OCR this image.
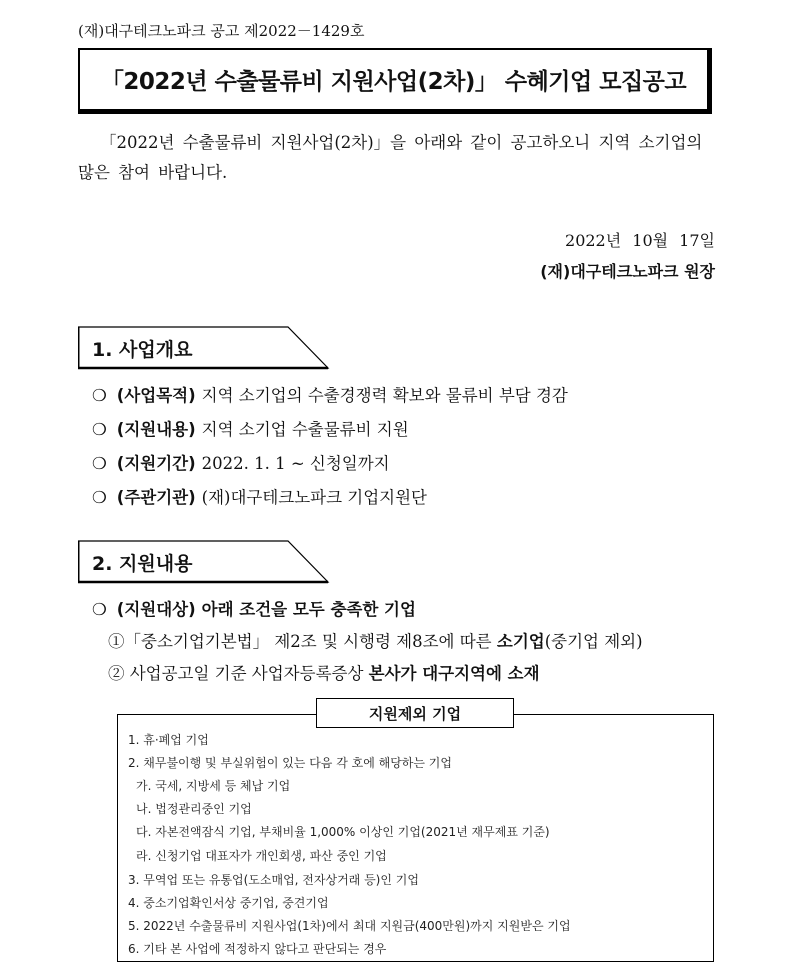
(재)대구테크노파크 공고 제2022－1429호
「2022년 수출물류비 지원사업(2차)」 수혜기업 모집공고
「2022년 수출물류비 지원사업(2차)」을 아래와 같이 공고하오니 지역 소기업의
많은 참여 바랍니다.
2022년 10월 17일
(재)대구테크노파크 원장
1. 사업개요
❍ (사업목적) 지역 소기업의 수출경쟁력 확보와 물류비 부담 경감
❍ (지원내용) 지역 소기업 수출물류비 지원
❍ (지원기간) 2022. 1. 1 ~ 신청일까지
❍ (주관기관) (재)대구테크노파크 기업지원단
2. 지원내용
❍ (지원대상) 아래 조건을 모두 충족한 기업
①「중소기업기본법」 제2조 및 시행령 제8조에 따른 소기업(중기업 제외)
② 사업공고일 기준 사업자등록증상 본사가 대구지역에 소재
지원제외 기업
1. 휴·폐업 기업
2. 채무불이행 및 부실위험이 있는 다음 각 호에 해당하는 기업
가. 국세, 지방세 등 체납 기업
나. 법정관리중인 기업
다. 자본전액잠식 기업, 부채비율 1,000% 이상인 기업(2021년 재무제표 기준)
라. 신청기업 대표자가 개인회생, 파산 중인 기업
3. 무역업 또는 유통업(도소매업, 전자상거래 등)인 기업
4. 중소기업확인서상 중기업, 중견기업
5. 2022년 수출물류비 지원사업(1차)에서 최대 지원금(400만원)까지 지원받은 기업
6. 기타 본 사업에 적정하지 않다고 판단되는 경우
